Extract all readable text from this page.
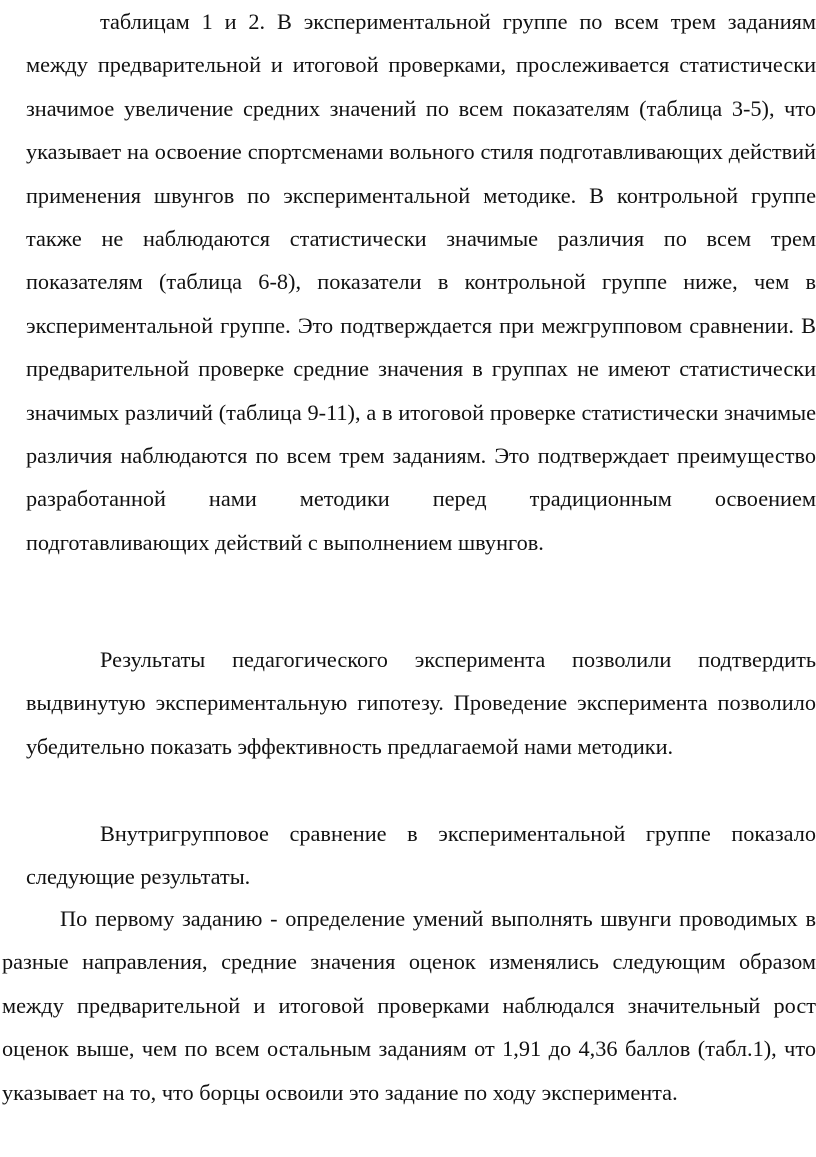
таблицам 1 и 2. В экспериментальной группе по всем трем заданиям между предварительной и итоговой проверками, прослеживается статистически значимое увеличение средних значений по всем показателям (таблица 3-5), что указывает на освоение спортсменами вольного стиля подготавливающих действий применения швунгов по экспериментальной методике. В контрольной группе также не наблюдаются статистически значимые различия по всем трем показателям (таблица 6-8), показатели в контрольной группе ниже, чем в экспериментальной группе. Это подтверждается при межгрупповом сравнении. В предварительной проверке средние значения в группах не имеют статистически значимых различий (таблица 9-11), а в итоговой проверке статистически значимые различия наблюдаются по всем трем заданиям. Это подтверждает преимущество разработанной нами методики перед традиционным освоением подготавливающих действий с выполнением швунгов.

Результаты педагогического эксперимента позволили подтвердить выдвинутую экспериментальную гипотезу. Проведение эксперимента позволило убедительно показать эффективность предлагаемой нами методики.

Внутригрупповое сравнение в экспериментальной группе показало следующие результаты.

По первому заданию - определение умений выполнять швунги проводимых в разные направления, средние значения оценок изменялись следующим образом между предварительной и итоговой проверками наблюдался значительный рост оценок выше, чем по всем остальным заданиям от 1,91 до 4,36 баллов (табл.1), что указывает на то, что борцы освоили это задание по ходу эксперимента.
